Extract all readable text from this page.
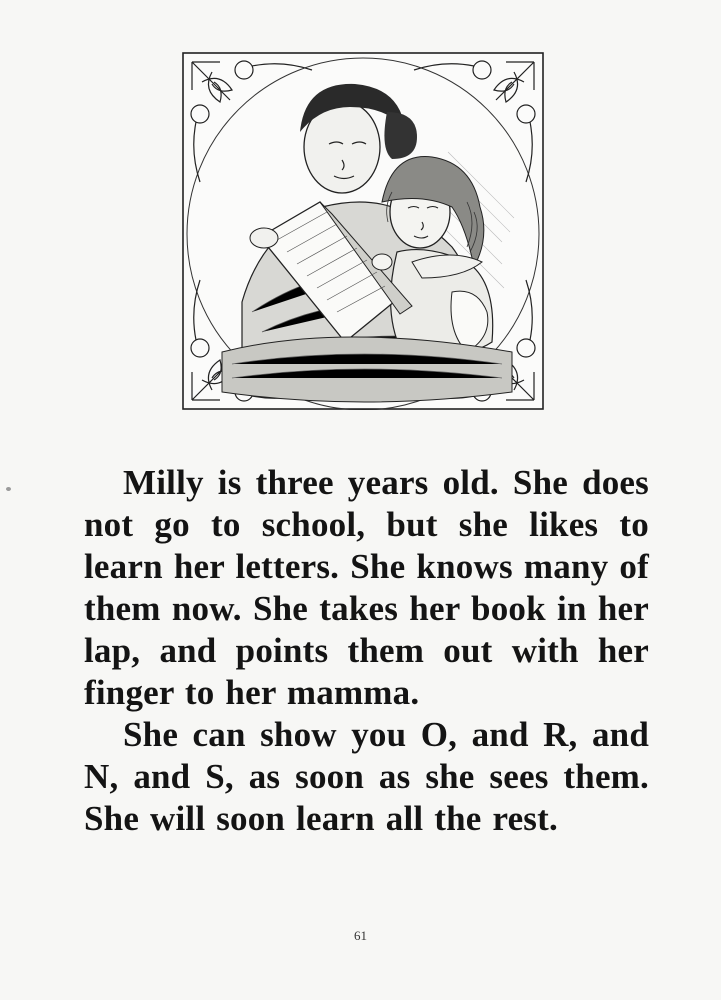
Milly is three years old. She does not go to school, but she likes to learn her letters. She knows many of them now. She takes her book in her lap, and points them out with her finger to her mamma.

She can show you O, and R, and N, and S, as soon as she sees them. She will soon learn all the rest.

61
